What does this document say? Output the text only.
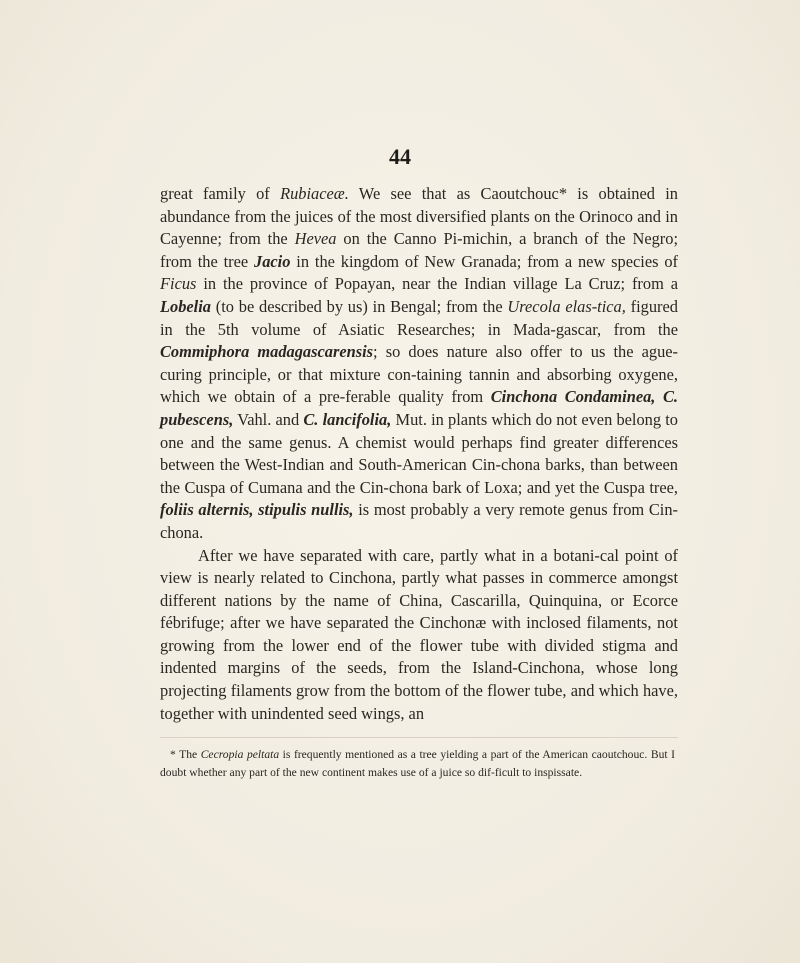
44

great family of Rubiaceæ. We see that as Caoutchouc* is obtained in abundance from the juices of the most diversified plants on the Orinoco and in Cayenne; from the Hevea on the Canno Pi-michin, a branch of the Negro; from the tree Jacio in the kingdom of New Granada; from a new species of Ficus in the province of Popayan, near the Indian village La Cruz; from a Lobelia (to be described by us) in Bengal; from the Urecola elas-tica, figured in the 5th volume of Asiatic Researches; in Mada-gascar, from the Commiphora madagascarensis; so does nature also offer to us the ague-curing principle, or that mixture con-taining tannin and absorbing oxygene, which we obtain of a pre-ferable quality from Cinchona Condaminea, C. pubescens, Vahl. and C. lancifolia, Mut. in plants which do not even belong to one and the same genus. A chemist would perhaps find greater differences between the West-Indian and South-American Cin-chona barks, than between the Cuspa of Cumana and the Cin-chona bark of Loxa; and yet the Cuspa tree, foliis alternis, stipulis nullis, is most probably a very remote genus from Cin-chona.

After we have separated with care, partly what in a botani-cal point of view is nearly related to Cinchona, partly what passes in commerce amongst different nations by the name of China, Cascarilla, Quinquina, or Ecorce fébrifuge; after we have separated the Cinchonæ with inclosed filaments, not growing from the lower end of the flower tube with divided stigma and indented margins of the seeds, from the Island-Cinchona, whose long projecting filaments grow from the bottom of the flower tube, and which have, together with unindented seed wings, an

* The Cecropia peltata is frequently mentioned as a tree yielding a part of the American caoutchouc. But I doubt whether any part of the new continent makes use of a juice so dif-ficult to inspissate.
